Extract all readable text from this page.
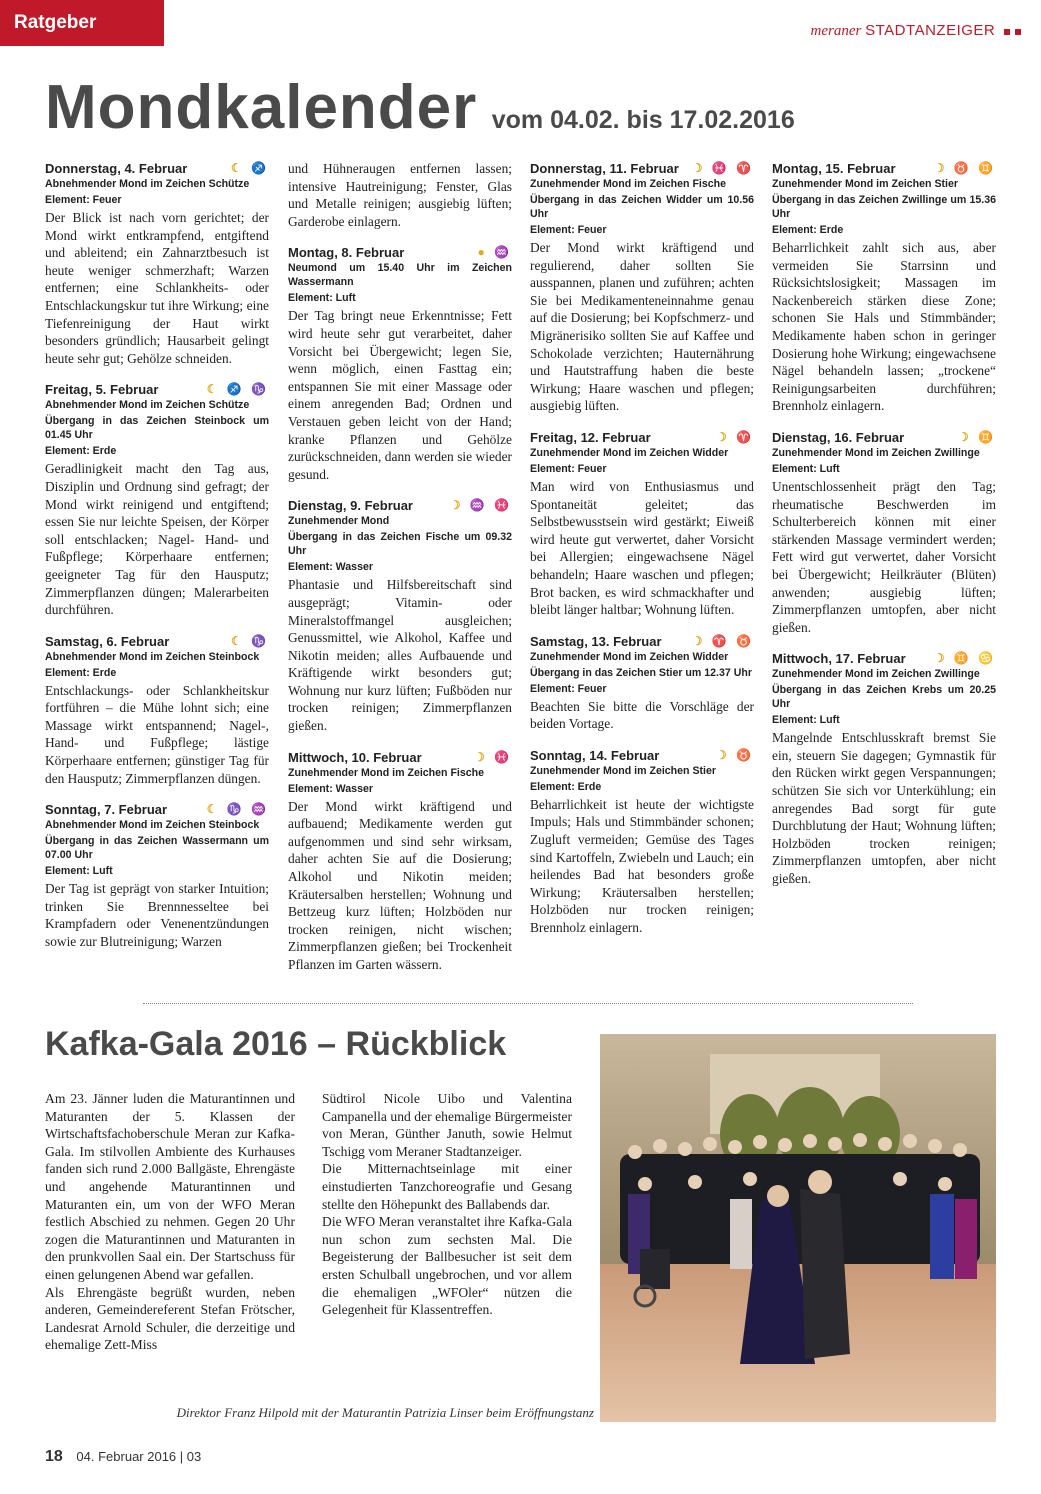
Ratgeber	meraner STADTANZEIGER
Mondkalender vom 04.02. bis 17.02.2016
Donnerstag, 4. Februar	☾ ♐
Abnehmender Mond im Zeichen Schütze
Element: Feuer

Der Blick ist nach vorn gerichtet; der Mond wirkt entkrampfend, entgiftend und ableitend; ein Zahnarztbesuch ist heute weniger schmerzhaft; Warzen entfernen; eine Schlankheits- oder Entschlackungskur tut ihre Wirkung; eine Tiefenreinigung der Haut wirkt besonders gründlich; Hausarbeit gelingt heute sehr gut; Gehölze schneiden.

Freitag, 5. Februar	☾ ♐ ♑
Abnehmender Mond im Zeichen Schütze
Übergang in das Zeichen Steinbock um 01.45 Uhr
Element: Erde

Geradlinigkeit macht den Tag aus, Disziplin und Ordnung sind gefragt; der Mond wirkt reinigend und entgiftend; essen Sie nur leichte Speisen, der Körper soll entschlacken; Nagel- Hand- und Fußpflege; Körperhaare entfernen; geeigneter Tag für den Hausputz; Zimmerpflanzen düngen; Malerarbeiten durchführen.

Samstag, 6. Februar	☾ ♑
Abnehmender Mond im Zeichen Steinbock
Element: Erde

Entschlackungs- oder Schlankheitskur fortführen – die Mühe lohnt sich; eine Massage wirkt entspannend; Nagel-, Hand- und Fußpflege; lästige Körperhaare entfernen; günstiger Tag für den Hausputz; Zimmerpflanzen düngen.

Sonntag, 7. Februar	☾ ♑ ♒
Abnehmender Mond im Zeichen Steinbock
Übergang in das Zeichen Wassermann um 07.00 Uhr
Element: Luft

Der Tag ist geprägt von starker Intuition; trinken Sie Brennnesseltee bei Krampfadern oder Venenentzündungen sowie zur Blutreinigung; Warzen

und Hühneraugen entfernen lassen; intensive Hautreinigung; Fenster, Glas und Metalle reinigen; ausgiebig lüften; Garderobe einlagern.

Montag, 8. Februar	● ♒
Neumond um 15.40 Uhr im Zeichen Wassermann
Element: Luft

Der Tag bringt neue Erkenntnisse; Fett wird heute sehr gut verarbeitet, daher Vorsicht bei Übergewicht; legen Sie, wenn möglich, einen Fasttag ein; entspannen Sie mit einer Massage oder einem anregenden Bad; Ordnen und Verstauen geben leicht von der Hand; kranke Pflanzen und Gehölze zurückschneiden, dann werden sie wieder gesund.

Dienstag, 9. Februar	☽ ♒ ♓
Zunehmender Mond
Übergang in das Zeichen Fische um 09.32 Uhr
Element: Wasser

Phantasie und Hilfsbereitschaft sind ausgeprägt; Vitamin- oder Mineralstoffmangel ausgleichen; Genussmittel, wie Alkohol, Kaffee und Nikotin meiden; alles Aufbauende und Kräftigende wirkt besonders gut; Wohnung nur kurz lüften; Fußböden nur trocken reinigen; Zimmerpflanzen gießen.

Mittwoch, 10. Februar	☽ ♓
Zunehmender Mond im Zeichen Fische
Element: Wasser

Der Mond wirkt kräftigend und aufbauend; Medikamente werden gut aufgenommen und sind sehr wirksam, daher achten Sie auf die Dosierung; Alkohol und Nikotin meiden; Kräutersalben herstellen; Wohnung und Bettzeug kurz lüften; Holzböden nur trocken reinigen, nicht wischen; Zimmerpflanzen gießen; bei Trockenheit Pflanzen im Garten wässern.

Donnerstag, 11. Februar ☽ ♓ ♈
Zunehmender Mond im Zeichen Fische
Übergang in das Zeichen Widder um 10.56 Uhr
Element: Feuer

Der Mond wirkt kräftigend und regulierend, daher sollten Sie ausspannen, planen und zuführen; achten Sie bei Medikamenteneinnahme genau auf die Dosierung; bei Kopfschmerz- und Migränerisiko sollten Sie auf Kaffee und Schokolade verzichten; Hauternährung und Hautstraffung haben die beste Wirkung; Haare waschen und pflegen; ausgiebig lüften.

Freitag, 12. Februar	☽ ♈
Zunehmender Mond im Zeichen Widder
Element: Feuer

Man wird von Enthusiasmus und Spontaneität geleitet; das Selbstbewusstsein wird gestärkt; Eiweiß wird heute gut verwertet, daher Vorsicht bei Allergien; eingewachsene Nägel behandeln; Haare waschen und pflegen; Brot backen, es wird schmackhafter und bleibt länger haltbar; Wohnung lüften.

Samstag, 13. Februar	☽ ♈ ♉
Zunehmender Mond im Zeichen Widder
Übergang in das Zeichen Stier um 12.37 Uhr
Element: Feuer

Beachten Sie bitte die Vorschläge der beiden Vortage.

Sonntag, 14. Februar	☽ ♉
Zunehmender Mond im Zeichen Stier
Element: Erde

Beharrlichkeit ist heute der wichtigste Impuls; Hals und Stimmbänder schonen; Zugluft vermeiden; Gemüse des Tages sind Kartoffeln, Zwiebeln und Lauch; ein heilendes Bad hat besonders große Wirkung; Kräutersalben herstellen; Holzböden nur trocken reinigen; Brennholz einlagern.

Montag, 15. Februar	☽ ♉ ♊
Zunehmender Mond im Zeichen Stier
Übergang in das Zeichen Zwillinge um 15.36 Uhr
Element: Erde

Beharrlichkeit zahlt sich aus, aber vermeiden Sie Starrsinn und Rücksichtslosigkeit; Massagen im Nackenbereich stärken diese Zone; schonen Sie Hals und Stimmbänder; Medikamente haben schon in geringer Dosierung hohe Wirkung; eingewachsene Nägel behandeln lassen; „trockene“ Reinigungsarbeiten durchführen; Brennholz einlagern.

Dienstag, 16. Februar	☽ ♊
Zunehmender Mond im Zeichen Zwillinge
Element: Luft

Unentschlossenheit prägt den Tag; rheumatische Beschwerden im Schulterbereich können mit einer stärkenden Massage vermindert werden; Fett wird gut verwertet, daher Vorsicht bei Übergewicht; Heilkräuter (Blüten) anwenden; ausgiebig lüften; Zimmerpflanzen umtopfen, aber nicht gießen.

Mittwoch, 17. Februar ☽ ♊ ♋
Zunehmender Mond im Zeichen Zwillinge
Übergang in das Zeichen Krebs um 20.25 Uhr
Element: Luft

Mangelnde Entschlusskraft bremst Sie ein, steuern Sie dagegen; Gymnastik für den Rücken wirkt gegen Verspannungen; schützen Sie sich vor Unterkühlung; ein anregendes Bad sorgt für gute Durchblutung der Haut; Wohnung lüften; Holzböden trocken reinigen; Zimmerpflanzen umtopfen, aber nicht gießen.

Kafka-Gala 2016 – Rückblick

Am 23. Jänner luden die Maturantinnen und Maturanten der 5. Klassen der Wirtschaftsfachoberschule Meran zur Kafka-Gala. Im stilvollen Ambiente des Kurhauses fanden sich rund 2.000 Ballgäste, Ehrengäste und angehende Maturantinnen und Maturanten ein, um von der WFO Meran festlich Abschied zu nehmen. Gegen 20 Uhr zogen die Maturantinnen und Maturanten in den prunkvollen Saal ein. Der Startschuss für einen gelungenen Abend war gefallen.

Als Ehrengäste begrüßt wurden, neben anderen, Gemeindereferent Stefan Frötscher, Landesrat Arnold Schuler, die derzeitige und ehemalige Zett-Miss

Südtirol Nicole Uibo und Valentina Campanella und der ehemalige Bürgermeister von Meran, Günther Januth, sowie Helmut Tschigg vom Meraner Stadtanzeiger.

Die Mitternachtseinlage mit einer einstudierten Tanzchoreografie und Gesang stellte den Höhepunkt des Ballabends dar.

Die WFO Meran veranstaltet ihre Kafka-Gala nun schon zum sechsten Mal. Die Begeisterung der Ballbesucher ist seit dem ersten Schulball ungebrochen, und vor allem die ehemaligen „WFOler“ nützen die Gelegenheit für Klassentreffen.

Direktor Franz Hilpold mit der Maturantin Patrizia Linser beim Eröffnungstanz
18 04. Februar 2016 | 03
